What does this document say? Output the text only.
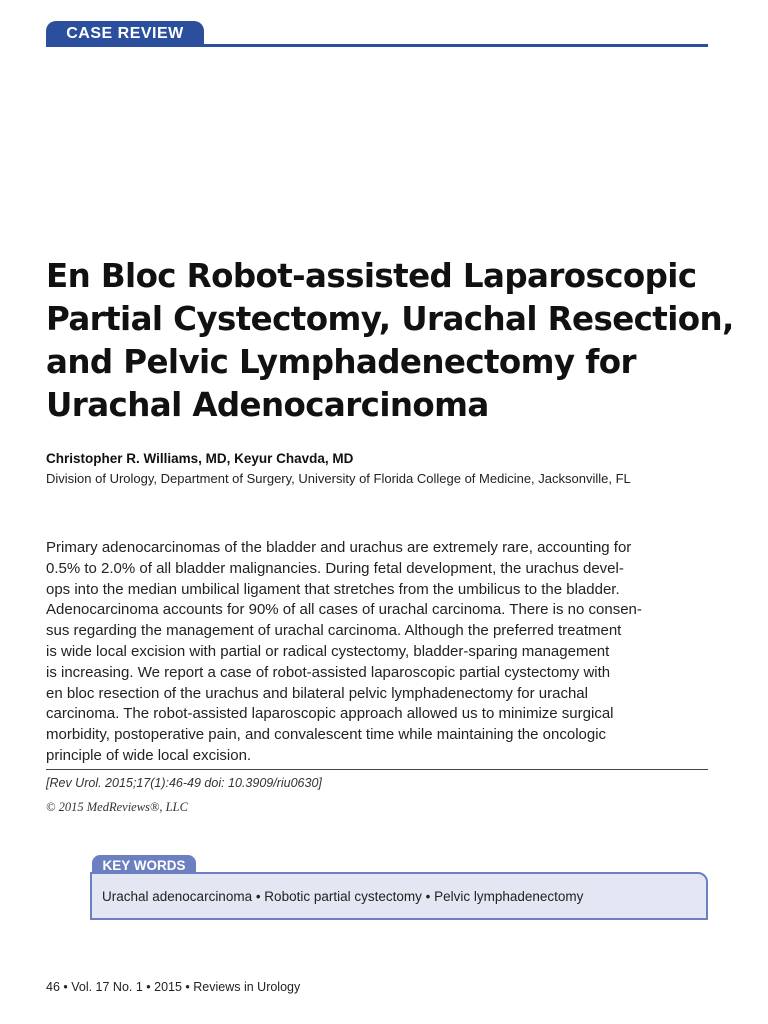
CASE REVIEW
En Bloc Robot-assisted Laparoscopic
Partial Cystectomy, Urachal Resection,
and Pelvic Lymphadenectomy for
Urachal Adenocarcinoma

Christopher R. Williams, MD, Keyur Chavda, MD

Division of Urology, Department of Surgery, University of Florida College of Medicine, Jacksonville, FL

Primary adenocarcinomas of the bladder and urachus are extremely rare, accounting for
0.5% to 2.0% of all bladder malignancies. During fetal development, the urachus devel-
ops into the median umbilical ligament that stretches from the umbilicus to the bladder.
Adenocarcinoma accounts for 90% of all cases of urachal carcinoma. There is no consen-
sus regarding the management of urachal carcinoma. Although the preferred treatment
is wide local excision with partial or radical cystectomy, bladder-sparing management
is increasing. We report a case of robot-assisted laparoscopic partial cystectomy with
en bloc resection of the urachus and bilateral pelvic lymphadenectomy for urachal
carcinoma. The robot-assisted laparoscopic approach allowed us to minimize surgical
morbidity, postoperative pain, and convalescent time while maintaining the oncologic
principle of wide local excision.

[Rev Urol. 2015;17(1):46-49 doi: 10.3909/riu0630]

© 2015 MedReviews®, LLC

KEY WORDS
Urachal adenocarcinoma • Robotic partial cystectomy • Pelvic lymphadenectomy

46 • Vol. 17 No. 1 • 2015 • Reviews in Urology
